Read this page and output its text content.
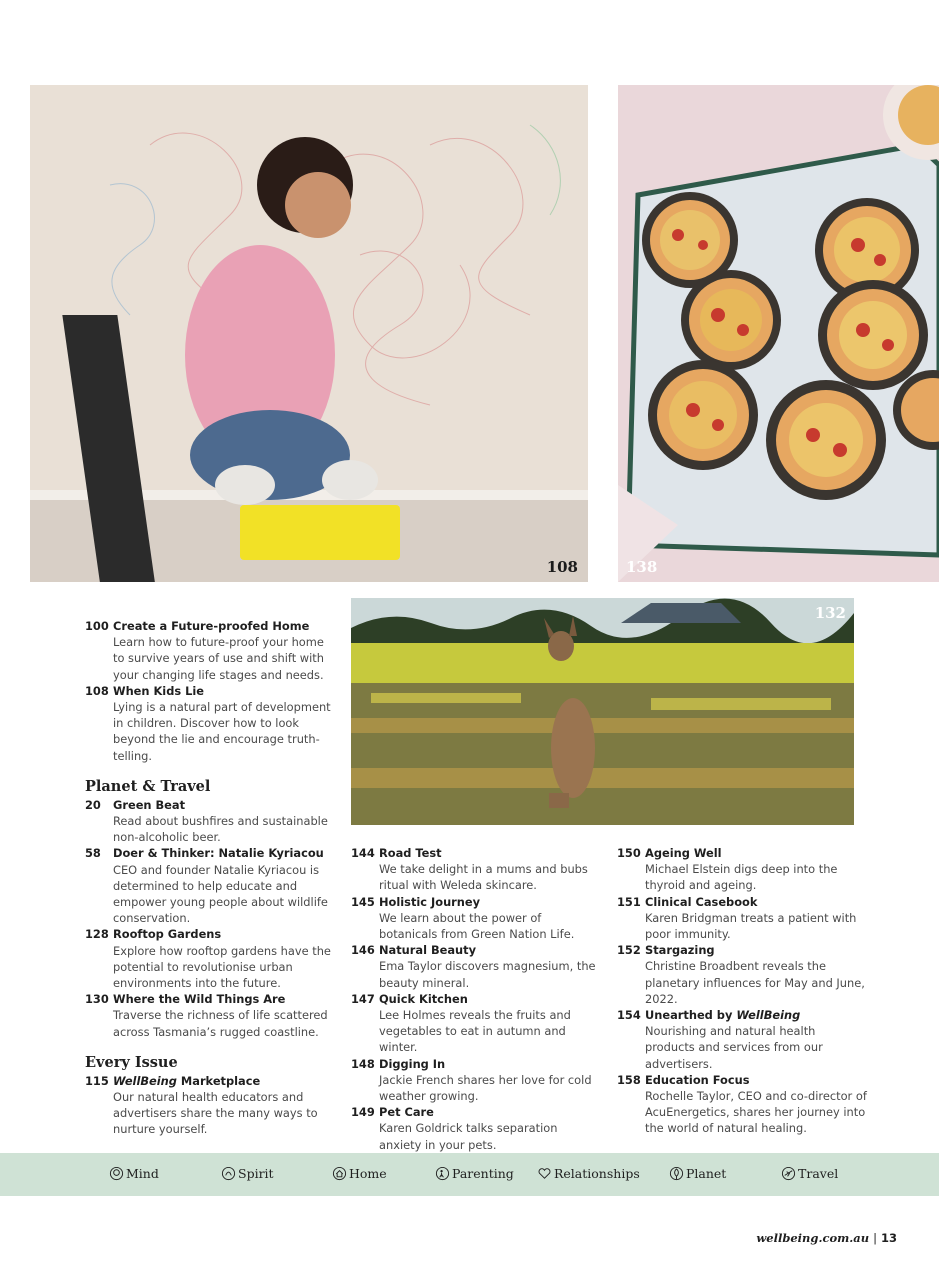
108	138
132
100 Create a Future-proofed Home
Learn how to future-proof your home to survive years of use and shift with your changing life stages and needs.
108 When Kids Lie
Lying is a natural part of development in children. Discover how to look beyond the lie and encourage truth-telling.
Planet & Travel
20	Green Beat
Read about bushfires and sustainable non-alcoholic beer.
58	Doer & Thinker: Natalie Kyriacou
CEO and founder Natalie Kyriacou is determined to help educate and empower young people about wildlife conservation.
128 Rooftop Gardens
Explore how rooftop gardens have the potential to revolutionise urban environments into the future.
130 Where the Wild Things Are
Traverse the richness of life scattered across Tasmania’s rugged coastline.
Every Issue
115 WellBeing Marketplace
Our natural health educators and advertisers share the many ways to nurture yourself.
144 Road Test
We take delight in a mums and bubs ritual with Weleda skincare.
145 Holistic Journey
We learn about the power of botanicals from Green Nation Life.
146 Natural Beauty
Ema Taylor discovers magnesium, the beauty mineral.
147 Quick Kitchen
Lee Holmes reveals the fruits and vegetables to eat in autumn and winter.
148 Digging In
Jackie French shares her love for cold weather growing.
149 Pet Care
Karen Goldrick talks separation anxiety in your pets.
150 Ageing Well
Michael Elstein digs deep into the thyroid and ageing.
151 Clinical Casebook
Karen Bridgman treats a patient with poor immunity.
152 Stargazing
Christine Broadbent reveals the planetary influences for May and June, 2022.
154 Unearthed by WellBeing
Nourishing and natural health products and services from our advertisers.
158 Education Focus
Rochelle Taylor, CEO and co-director of AcuEnergetics, shares her journey into the world of natural healing.
Mind	Spirit	Home	Parenting	Relationships	Planet	Travel
wellbeing.com.au | 13
